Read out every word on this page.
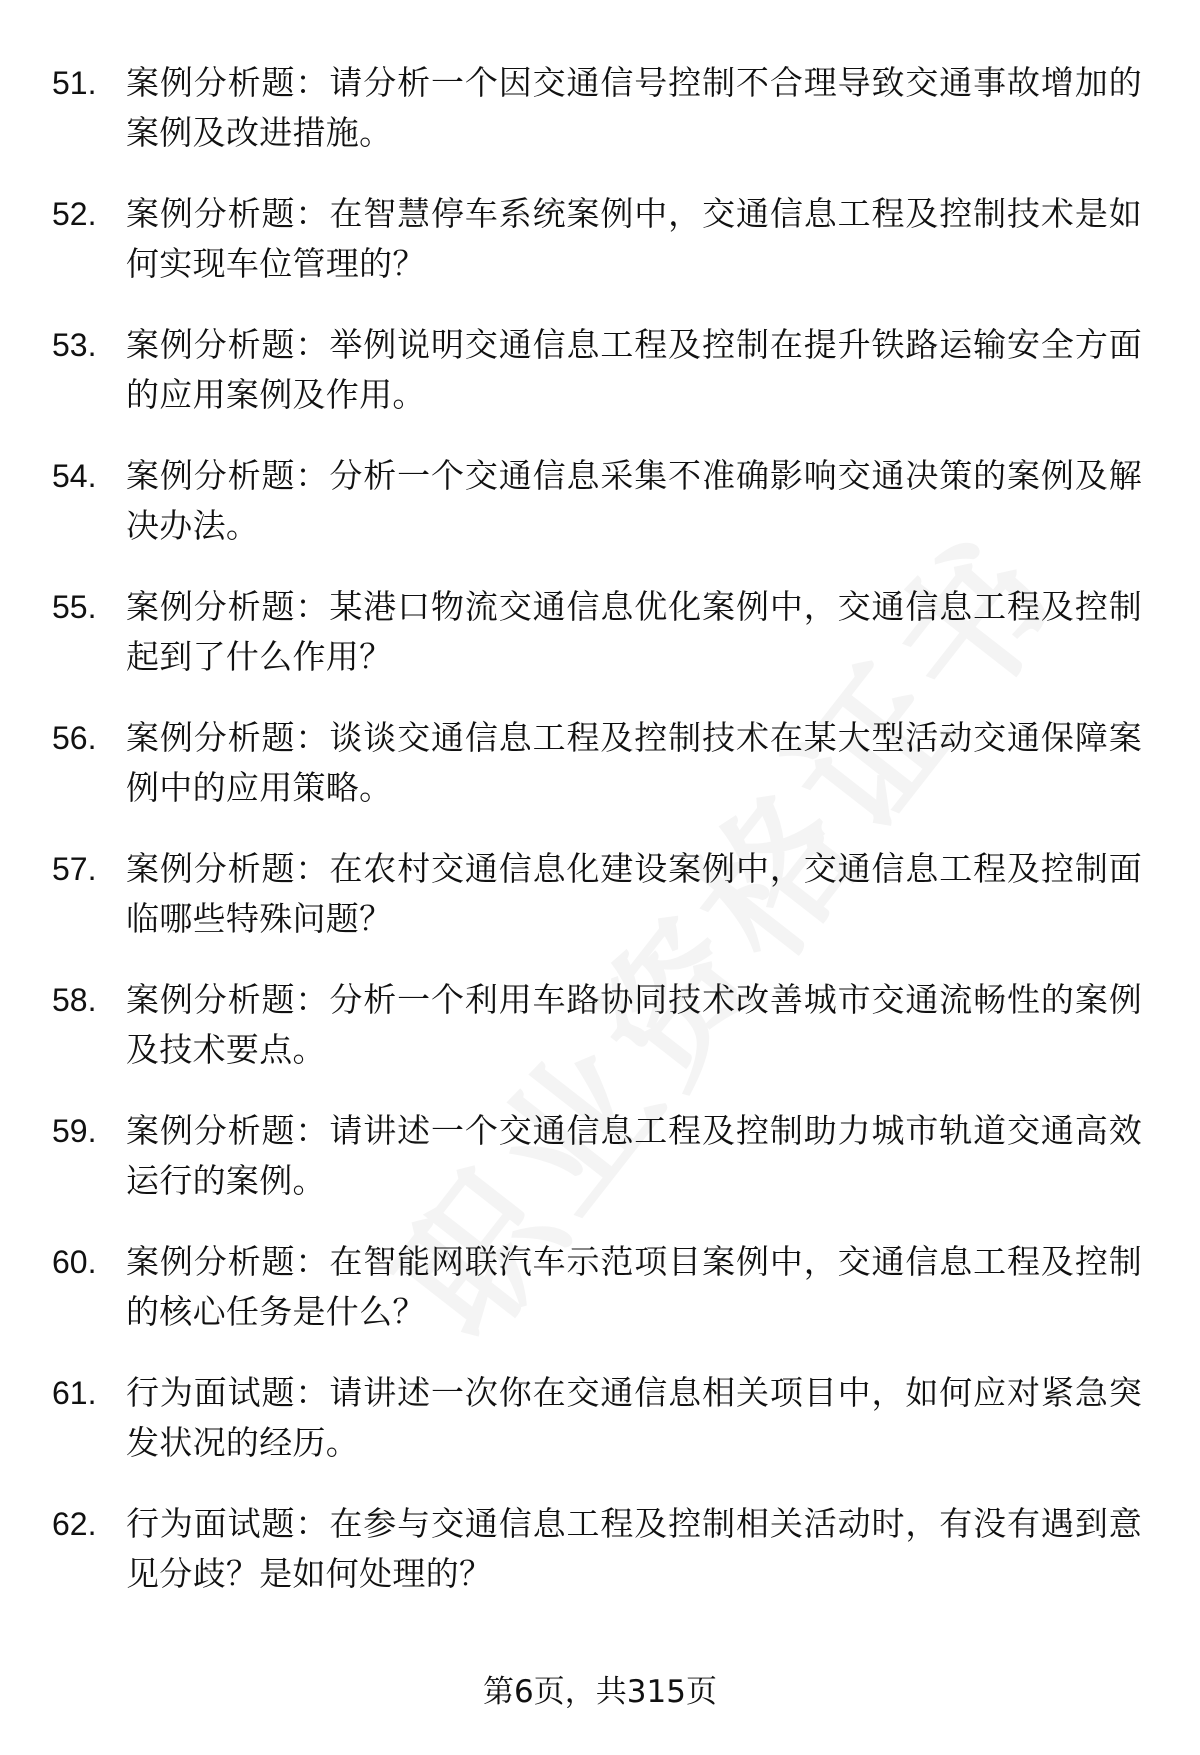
51. 案例分析题：请分析一个因交通信号控制不合理导致交通事故增加的案例及改进措施。
52. 案例分析题：在智慧停车系统案例中，交通信息工程及控制技术是如何实现车位管理的？
53. 案例分析题：举例说明交通信息工程及控制在提升铁路运输安全方面的应用案例及作用。
54. 案例分析题：分析一个交通信息采集不准确影响交通决策的案例及解决办法。
55. 案例分析题：某港口物流交通信息优化案例中，交通信息工程及控制起到了什么作用？
56. 案例分析题：谈谈交通信息工程及控制技术在某大型活动交通保障案例中的应用策略。
57. 案例分析题：在农村交通信息化建设案例中，交通信息工程及控制面临哪些特殊问题？
58. 案例分析题：分析一个利用车路协同技术改善城市交通流畅性的案例及技术要点。
59. 案例分析题：请讲述一个交通信息工程及控制助力城市轨道交通高效运行的案例。
60. 案例分析题：在智能网联汽车示范项目案例中，交通信息工程及控制的核心任务是什么？
61. 行为面试题：请讲述一次你在交通信息相关项目中，如何应对紧急突发状况的经历。
62. 行为面试题：在参与交通信息工程及控制相关活动时，有没有遇到意见分歧？是如何处理的？
第6页，共315页
